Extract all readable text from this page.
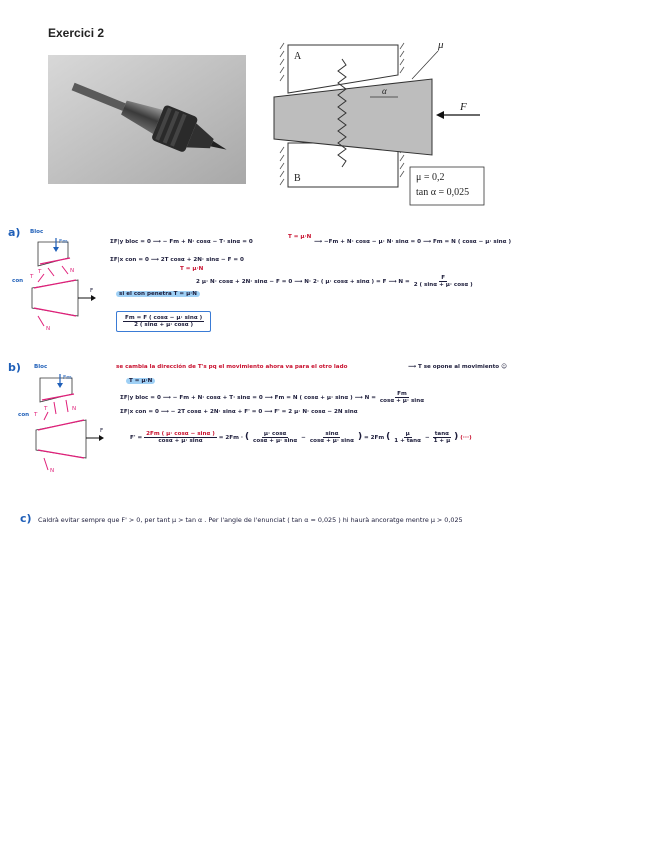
Exercici 2
A
B
μ
α
F
μ = 0,2
tan α = 0,025
a) Bloc
con
Fm
T	N
T
N
F
ΣF|y bloc = 0 ⟶ − Fm + N· cosα − T· sinα = 0
T = μ·N
⟶ −Fm + N· cosα − μ· N· sinα = 0 ⟶ Fm = N ( cosα − μ· sinα )
ΣF|x con = 0 ⟶ 2T cosα + 2N· sinα − F = 0
T = μ·N
2 μ· N· cosα + 2N· sinα − F = 0 ⟶ N· 2· ( μ· cosα + sinα ) = F ⟶ $N = \frac{F}{2 ( \sin\alpha + \mu\cdot \cos\alpha )}$
si el con penetra T = μ·N
$\frac{Fm = F ( \cos\alpha - \mu\cdot \sin\alpha )}{2 ( \sin\alpha + \mu\cdot \cos\alpha )}$
b) Bloc
con
Fm
T	N
T
N
F
se cambia la dirección de T's pq el movimiento ahora va para el otro lado	⟶ T se opone al movimiento ☺
T = μ·N
ΣF|y bloc = 0 ⟶ − Fm + N· cosα + T· sinα = 0 ⟶ Fm = N ( cosα + μ· sinα ) ⟶ $N = \frac{Fm}{\cos\alpha + \mu\cdot \sin\alpha}$
ΣF|x con = 0 ⟶ − 2T cosα + 2N· sinα + F' = 0 ⟶ F' = 2 μ· N· cosα − 2N sinα
$F' = \frac{2Fm ( \mu\cdot \cos\alpha - \sin\alpha )}{\cos\alpha + \mu\cdot \sin\alpha} = 2Fm$ · ( $\frac{\mu\cdot \cos\alpha}{\cos\alpha + \mu\cdot \sin\alpha} - \frac{\sin\alpha}{\cos\alpha + \mu\cdot \sin\alpha}$ ) = 2Fm ( $\frac{\mu}{1 + \tan\alpha} - \frac{\tan\alpha}{1 + \mu}$ ) (···)
c) Caldrà evitar sempre que F' > 0, per tant μ > tan α . Per l'angle de l'enunciat ( tan α = 0,025 ) hi haurà ancoratge mentre μ > 0,025
